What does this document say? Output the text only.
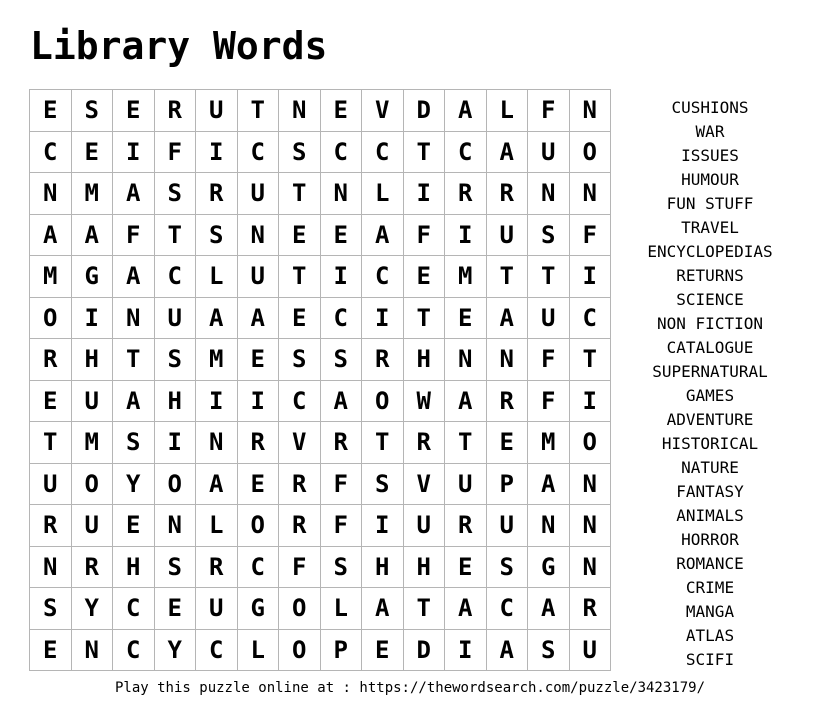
Library Words
E	S	E	R	U	T	N	E	V	D	A	L	F	N
C	E	I	F	I	C	S	C	C	T	C	A	U	O
N	M	A	S	R	U	T	N	L	I	R	R	N	N
A	A	F	T	S	N	E	E	A	F	I	U	S	F
M	G	A	C	L	U	T	I	C	E	M	T	T	I
O	I	N	U	A	A	E	C	I	T	E	A	U	C
R	H	T	S	M	E	S	S	R	H	N	N	F	T
E	U	A	H	I	I	C	A	O	W	A	R	F	I
T	M	S	I	N	R	V	R	T	R	T	E	M	O
U	O	Y	O	A	E	R	F	S	V	U	P	A	N
R	U	E	N	L	O	R	F	I	U	R	U	N	N
N	R	H	S	R	C	F	S	H	H	E	S	G	N
S	Y	C	E	U	G	O	L	A	T	A	C	A	R
E	N	C	Y	C	L	O	P	E	D	I	A	S	U
CUSHIONS
WAR
ISSUES
HUMOUR
FUN STUFF
TRAVEL
ENCYCLOPEDIAS
RETURNS
SCIENCE
NON FICTION
CATALOGUE
SUPERNATURAL
GAMES
ADVENTURE
HISTORICAL
NATURE
FANTASY
ANIMALS
HORROR
ROMANCE
CRIME
MANGA
ATLAS
SCIFI
Play this puzzle online at : https://thewordsearch.com/puzzle/3423179/
